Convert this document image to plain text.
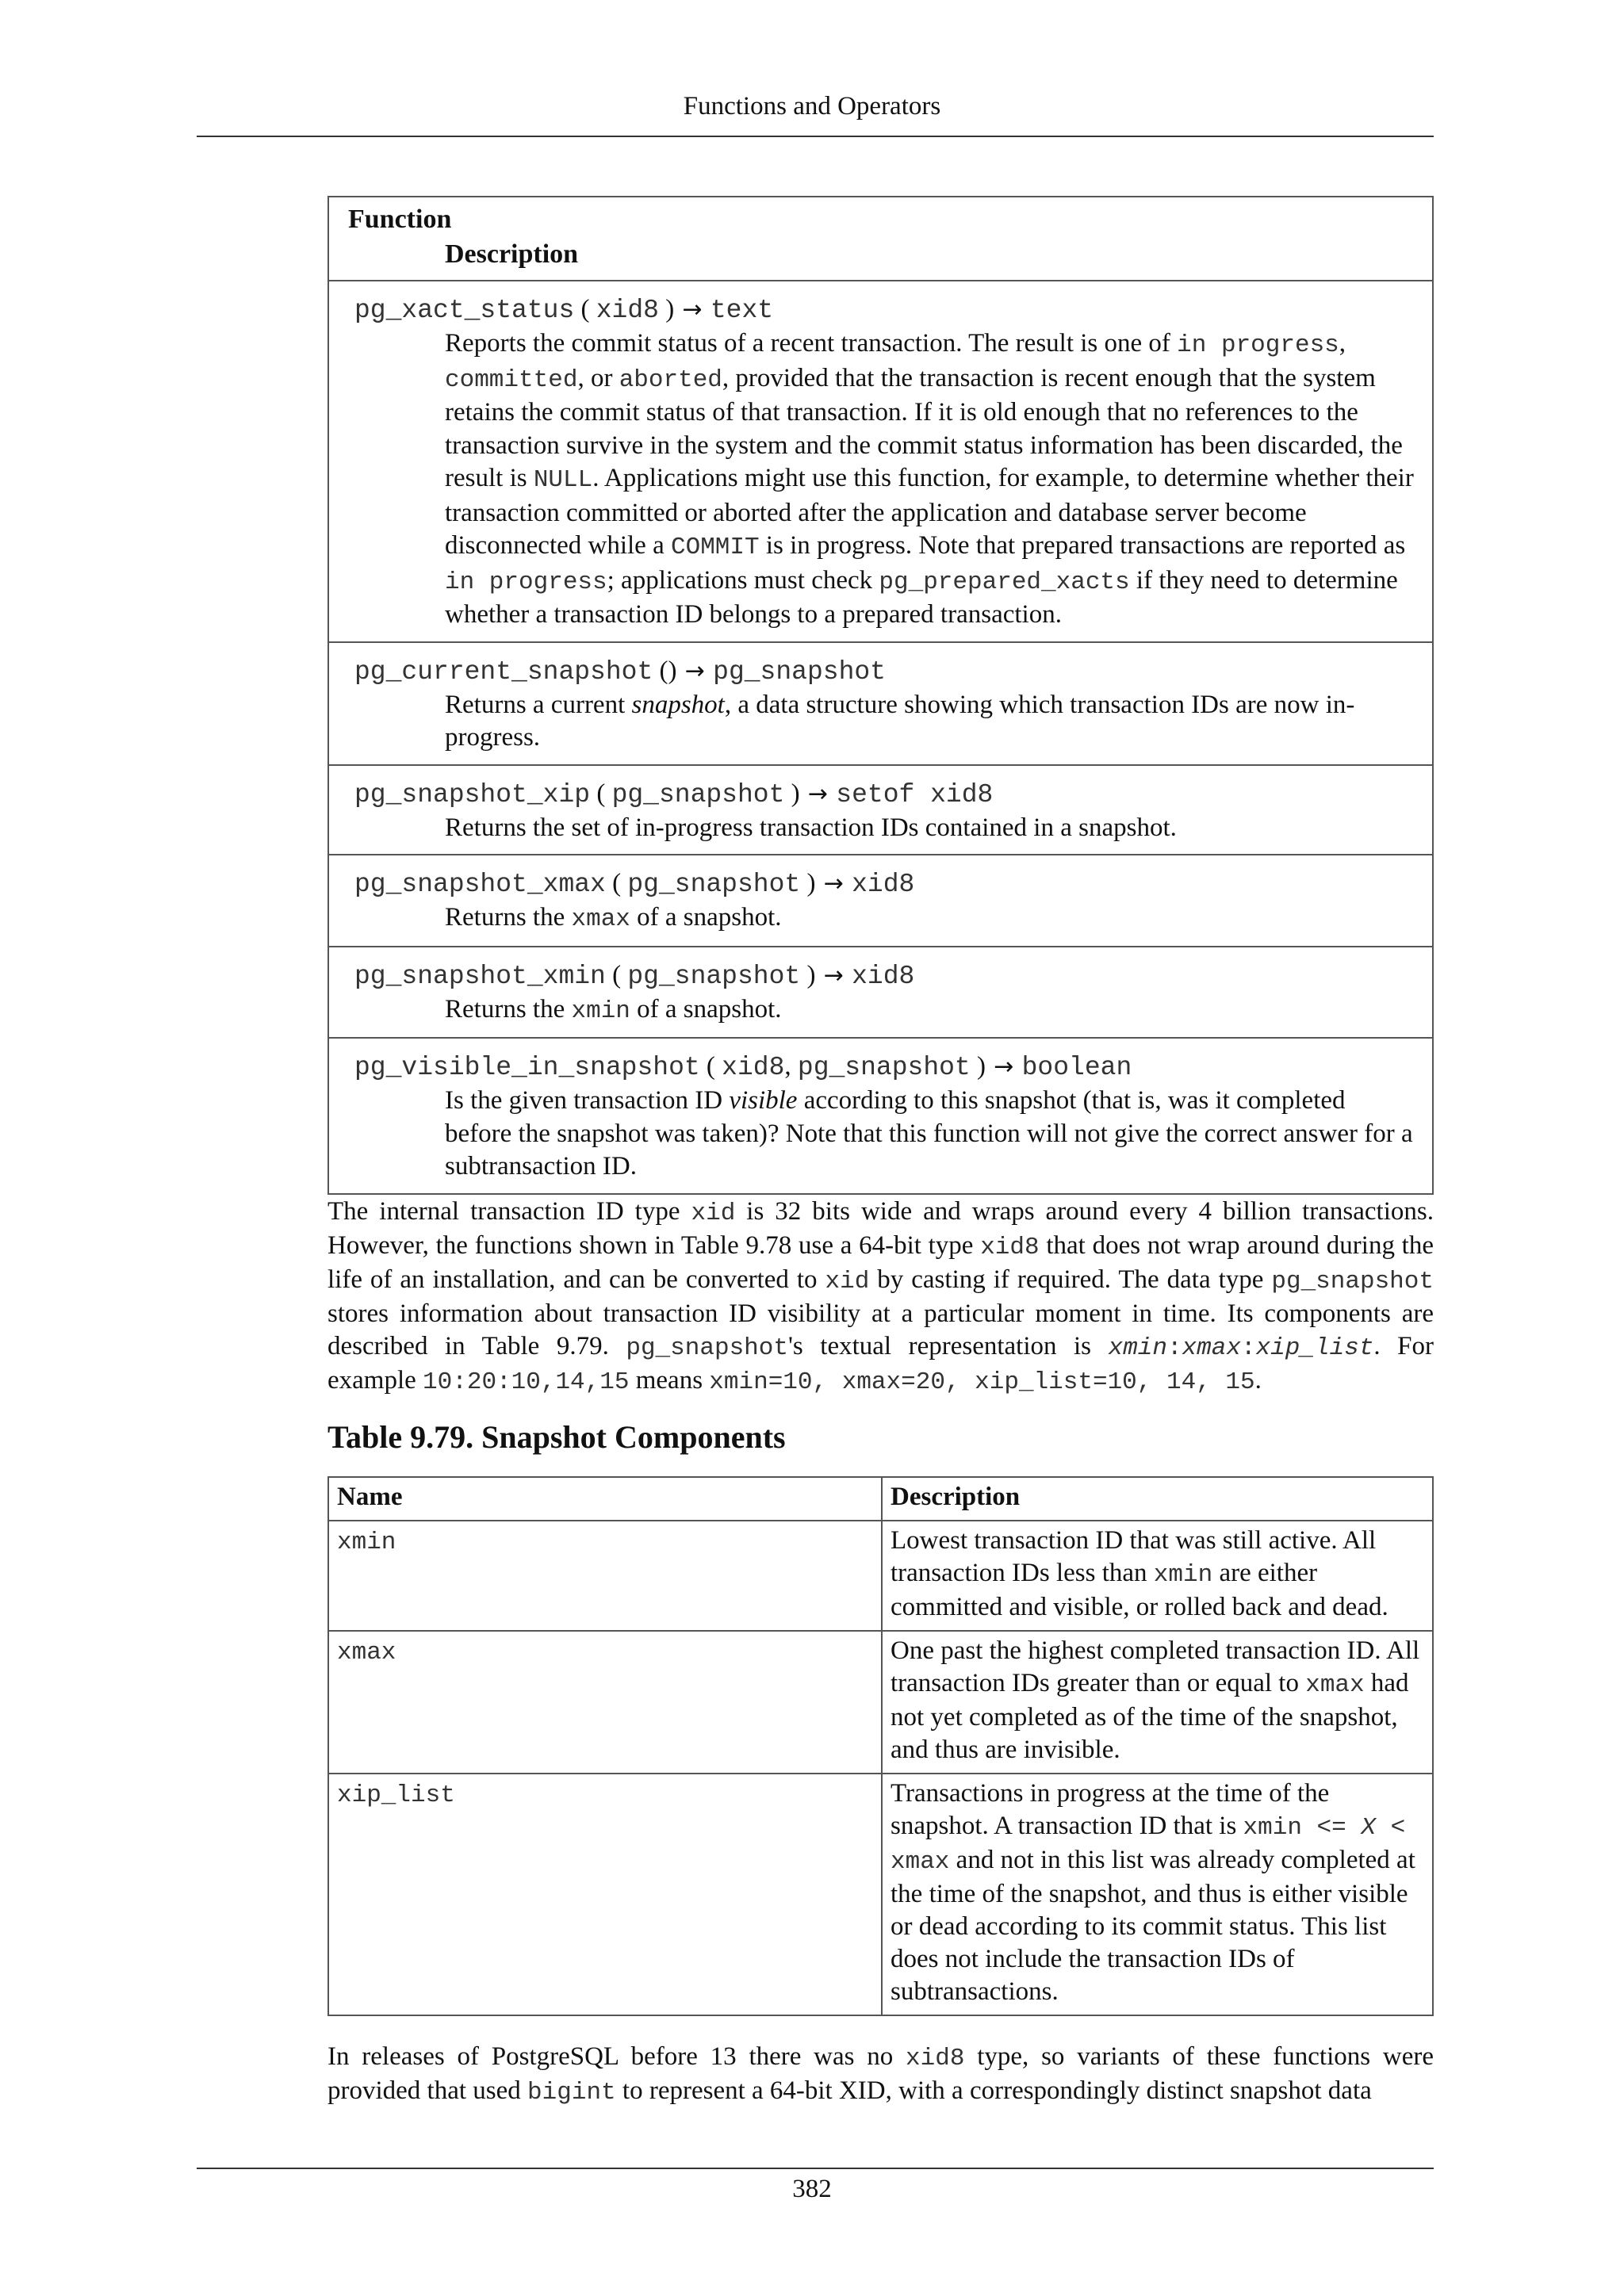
Functions and Operators
Function
Description
pg_xact_status ( xid8 ) → text
Reports the commit status of a recent transaction. The result is one of in progress, committed, or aborted, provided that the transaction is recent enough that the system retains the commit status of that transaction. If it is old enough that no references to the transaction survive in the system and the commit status information has been discarded, the result is NULL. Applications might use this function, for example, to determine whether their transaction committed or aborted after the application and database server become disconnected while a COMMIT is in progress. Note that prepared transactions are reported as in progress; applications must check pg_prepared_xacts if they need to determine whether a transaction ID belongs to a prepared transaction.
pg_current_snapshot () → pg_snapshot
Returns a current snapshot, a data structure showing which transaction IDs are now in-progress.
pg_snapshot_xip ( pg_snapshot ) → setof xid8
Returns the set of in-progress transaction IDs contained in a snapshot.
pg_snapshot_xmax ( pg_snapshot ) → xid8
Returns the xmax of a snapshot.
pg_snapshot_xmin ( pg_snapshot ) → xid8
Returns the xmin of a snapshot.
pg_visible_in_snapshot ( xid8, pg_snapshot ) → boolean
Is the given transaction ID visible according to this snapshot (that is, was it completed before the snapshot was taken)? Note that this function will not give the correct answer for a subtransaction ID.
The internal transaction ID type xid is 32 bits wide and wraps around every 4 billion transactions. However, the functions shown in Table 9.78 use a 64-bit type xid8 that does not wrap around during the life of an installation, and can be converted to xid by casting if required. The data type pg_snapshot stores information about transaction ID visibility at a particular moment in time. Its components are described in Table 9.79. pg_snapshot's textual representation is xmin:xmax:xip_list. For example 10:20:10,14,15 means xmin=10, xmax=20, xip_list=10, 14, 15.
Table 9.79. Snapshot Components
Name	Description
xmin	Lowest transaction ID that was still active. All transaction IDs less than xmin are either committed and visible, or rolled back and dead.
xmax	One past the highest completed transaction ID. All transaction IDs greater than or equal to xmax had not yet completed as of the time of the snapshot, and thus are invisible.
xip_list	Transactions in progress at the time of the snapshot. A transaction ID that is xmin <= X < xmax and not in this list was already completed at the time of the snapshot, and thus is either visible or dead according to its commit status. This list does not include the transaction IDs of subtransactions.
In releases of PostgreSQL before 13 there was no xid8 type, so variants of these functions were provided that used bigint to represent a 64-bit XID, with a correspondingly distinct snapshot data
382
